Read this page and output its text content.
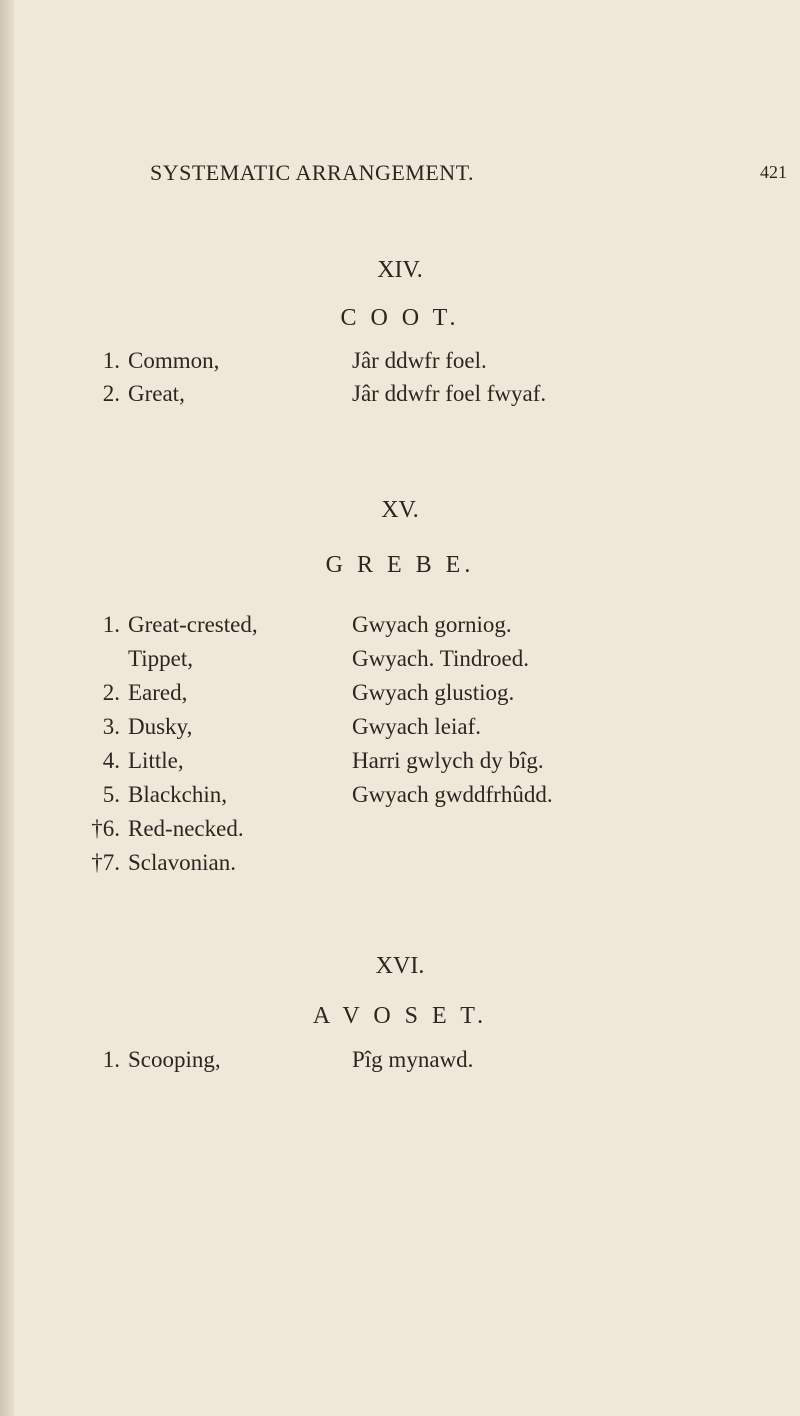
SYSTEMATIC ARRANGEMENT.	421
XIV.
C O O T.
1. Common,	Jâr ddwfr foel.
2. Great,	Jâr ddwfr foel fwyaf.
XV.
G R E B E.
1. Great-crested,	Gwyach gorniog.
Tippet,	Gwyach. Tindroed.
2. Eared,	Gwyach glustiog.
3. Dusky,	Gwyach leiaf.
4. Little,	Harri gwlych dy bîg.
5. Blackchin,	Gwyach gwddfrhûdd.
†6. Red-necked.
†7. Sclavonian.
XVI.
A V O S E T.
1. Scooping,	Pîg mynawd.
